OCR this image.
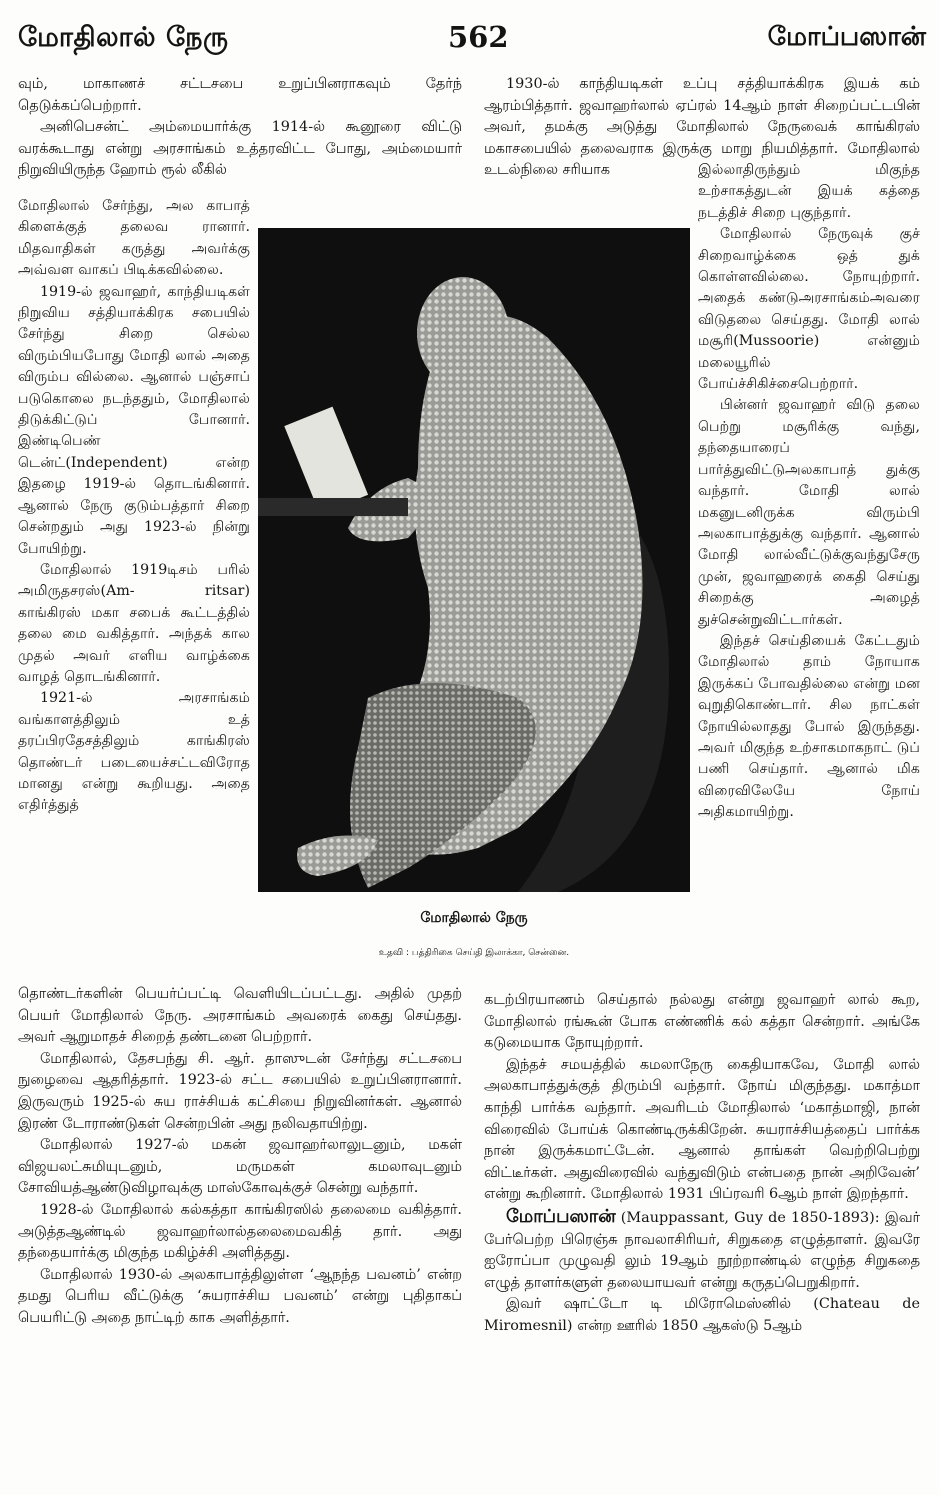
மோதிலால் நேரு	562	மோப்பஸான்

வும், மாகாணச் சட்டசபை உறுப்பினராகவும் தேர்ந் தெடுக்கப்பெற்றார்.

அனிபெசன்ட் அம்மையார்க்கு 1914-ல் கூனூரை விட்டு வரக்கூடாது என்று அரசாங்கம் உத்தரவிட்ட போது, அம்மையார் நிறுவியிருந்த ஹோம் ரூல் லீகில்

மோதிலால் சேர்ந்து, அல காபாத் கிளைக்குத் தலைவ ரானார். மிதவாதிகள் கருத்து அவர்க்கு அவ்வள வாகப் பிடிக்கவில்லை.

1919-ல் ஜவாஹர், காந்தியடிகள் நிறுவிய சத்தியாக்கிரக சபையில் சேர்ந்து சிறை செல்ல விரும்பியபோது மோதி லால் அதை விரும்ப வில்லை. ஆனால் பஞ்சாப் படுகொலை நடந்ததும், மோதிலால் திடுக்கிட்டுப் போனார். இண்டிபெண் டென்ட்(Independent) என்ற இதழை 1919-ல் தொடங்கினார். ஆனால் நேரு குடும்பத்தார் சிறை சென்றதும் அது 1923-ல் நின்று போயிற்று.

மோதிலால் 1919டிசம் பரில் அமிருதசரஸ்(Am- ritsar) காங்கிரஸ் மகா சபைக் கூட்டத்தில் தலை மை வகித்தார். அந்தக் கால முதல் அவர் எளிய வாழ்க்கை வாழத் தொடங்கினார்.

1921-ல் அரசாங்கம் வங்காளத்திலும் உத் தரப்பிரதேசத்திலும் காங்கிரஸ் தொண்டர் படையைச்சட்டவிரோத மானது என்று கூறியது. அதை எதிர்த்துத்

மோதிலால் நேரு
உதவி : பத்திரிகை செய்தி இலாக்கா, சென்னை.

தொண்டர்களின் பெயர்ப்பட்டி வெளியிடப்பட்டது. அதில் முதற் பெயர் மோதிலால் நேரு. அரசாங்கம் அவரைக் கைது செய்தது. அவர் ஆறுமாதச் சிறைத் தண்டனை பெற்றார்.

மோதிலால், தேசபந்து சி. ஆர். தாஸுடன் சேர்ந்து சட்டசபை நுழைவை ஆதரித்தார். 1923-ல் சட்ட சபையில் உறுப்பினரானார். இருவரும் 1925-ல் சுய ராச்சியக் கட்சியை நிறுவினர்கள். ஆனால் இரண் டோராண்டுகள் சென்றபின் அது நலிவதாயிற்று.

மோதிலால் 1927-ல் மகன் ஜவாஹர்லாலுடனும், மகள் விஜயலட்சுமியுடனும், மருமகள் கமலாவுடனும் சோவியத்ஆண்டுவிழாவுக்கு மாஸ்கோவுக்குச் சென்று வந்தார்.

1928-ல் மோதிலால் கல்கத்தா காங்கிரஸில் தலைமை வகித்தார். அடுத்தஆண்டில் ஜவாஹர்லால்தலைமைவகித் தார். அது தந்தையார்க்கு மிகுந்த மகிழ்ச்சி அளித்தது.

மோதிலால் 1930-ல் அலகாபாத்திலுள்ள ‘ஆநந்த பவனம்’ என்ற தமது பெரிய வீட்டுக்கு ‘சுயராச்சிய பவனம்’ என்று புதிதாகப் பெயரிட்டு அதை நாட்டிற் காக அளித்தார்.

1930-ல் காந்தியடிகள் உப்பு சத்தியாக்கிரக இயக் கம் ஆரம்பித்தார். ஜவாஹர்லால் ஏப்ரல் 14ஆம் நாள் சிறைப்பட்டபின் அவர், தமக்கு அடுத்து மோதிலால் நேருவைக் காங்கிரஸ் மகாசபையில் தலைவராக இருக்கு மாறு நியமித்தார். மோதிலால் உடல்நிலை சரியாக	இல்லாதிருந்தும் மிகுந்த உற்சாகத்துடன் இயக் கத்தை நடத்திச் சிறை புகுந்தார்.

மோதிலால் நேருவுக் குச் சிறைவாழ்க்கை ஒத் துக் கொள்ளவில்லை. நோயுற்றார். அதைக் கண்டுஅரசாங்கம்அவரை விடுதலை செய்தது. மோதி லால் மசூரி(Mussoorie) என்னும் மலையூரில் போய்ச்சிகிச்சைபெற்றார்.

பின்னர் ஜவாஹர் விடு தலை பெற்று மசூரிக்கு வந்து, தந்தையாரைப் பார்த்துவிட்டுஅலகாபாத் துக்கு வந்தார். மோதி லால் மகனுடனிருக்க விரும்பி அலகாபாத்துக்கு வந்தார். ஆனால் மோதி லால்வீட்டுக்குவந்துசேரு முன், ஜவாஹரைக் கைதி செய்து சிறைக்கு அழைத் துச்சென்றுவிட்டார்கள்.

இந்தச் செய்தியைக் கேட்டதும் மோதிலால் தாம் நோயாக இருக்கப் போவதில்லை என்று மன வுறுதிகொண்டார். சில நாட்கள் நோயில்லாதது போல் இருந்தது. அவர் மிகுந்த உற்சாகமாகநாட் டுப் பணி செய்தார். ஆனால் மிக விரைவிலேயே நோய் அதிகமாயிற்று.

கடற்பிரயாணம் செய்தால் நல்லது என்று ஜவாஹர் லால் கூற, மோதிலால் ரங்கூன் போக எண்ணிக் கல் கத்தா சென்றார். அங்கே கடுமையாக நோயுற்றார்.

இந்தச் சமயத்தில் கமலாநேரு கைதியாகவே, மோதி லால் அலகாபாத்துக்குத் திரும்பி வந்தார். நோய் மிகுந்தது. மகாத்மா காந்தி பார்க்க வந்தார். அவரிடம் மோதிலால் ‘மகாத்மாஜி, நான் விரைவில் போய்க் கொண்டிருக்கிறேன். சுயராச்சியத்தைப் பார்க்க நான் இருக்கமாட்டேன். ஆனால் தாங்கள் வெற்றிபெற்று விட்டீர்கள். அதுவிரைவில் வந்துவிடும் என்பதை நான் அறிவேன்’ என்று கூறினார். மோதிலால் 1931 பிப்ரவரி 6ஆம் நாள் இறந்தார்.

மோப்பஸான் (Mauppassant, Guy de 1850-1893): இவர் பேர்பெற்ற பிரெஞ்சு நாவலாசிரியர், சிறுகதை எழுத்தாளர். இவரே ஐரோப்பா முழுவதி லும் 19ஆம் நூற்றாண்டில் எழுந்த சிறுகதை எழுத் தாளர்களுள் தலையாயவர் என்று கருதப்பெறுகிறார்.

இவர் ஷாட்டோ டி மிரோமெஸ்னில் (Chateau de Miromesnil) என்ற ஊரில் 1850 ஆகஸ்டு 5ஆம்
